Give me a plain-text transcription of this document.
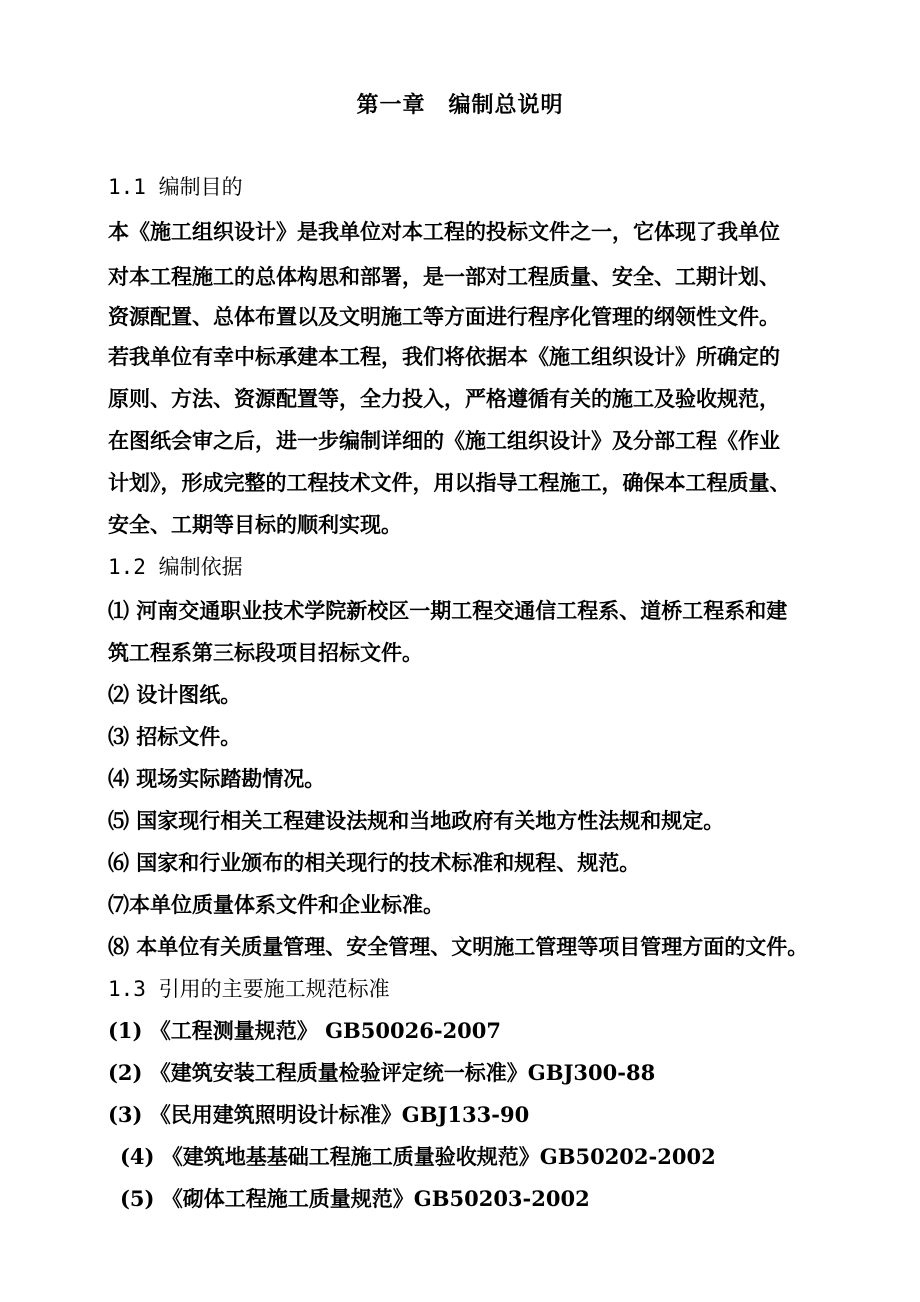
第一章　编制总说明
1.1 编制目的
本《施工组织设计》是我单位对本工程的投标文件之一，它体现了我单位
对本工程施工的总体构思和部署，是一部对工程质量、安全、工期计划、
资源配置、总体布置以及文明施工等方面进行程序化管理的纲领性文件。
若我单位有幸中标承建本工程，我们将依据本《施工组织设计》所确定的
原则、方法、资源配置等，全力投入，严格遵循有关的施工及验收规范，
在图纸会审之后，进一步编制详细的《施工组织设计》及分部工程《作业
计划》，形成完整的工程技术文件，用以指导工程施工，确保本工程质量、
安全、工期等目标的顺利实现。
1.2 编制依据
⑴ 河南交通职业技术学院新校区一期工程交通信工程系、道桥工程系和建
筑工程系第三标段项目招标文件。
⑵ 设计图纸。
⑶ 招标文件。
⑷ 现场实际踏勘情况。
⑸ 国家现行相关工程建设法规和当地政府有关地方性法规和规定。
⑹ 国家和行业颁布的相关现行的技术标准和规程、规范。
⑺本单位质量体系文件和企业标准。
⑻ 本单位有关质量管理、安全管理、文明施工管理等项目管理方面的文件。
1.3 引用的主要施工规范标准
(1) 《工程测量规范》 GB50026-2007
(2) 《建筑安装工程质量检验评定统一标准》GBJ300-88
(3) 《民用建筑照明设计标准》GBJ133-90
(4) 《建筑地基基础工程施工质量验收规范》GB50202-2002
(5) 《砌体工程施工质量规范》GB50203-2002
